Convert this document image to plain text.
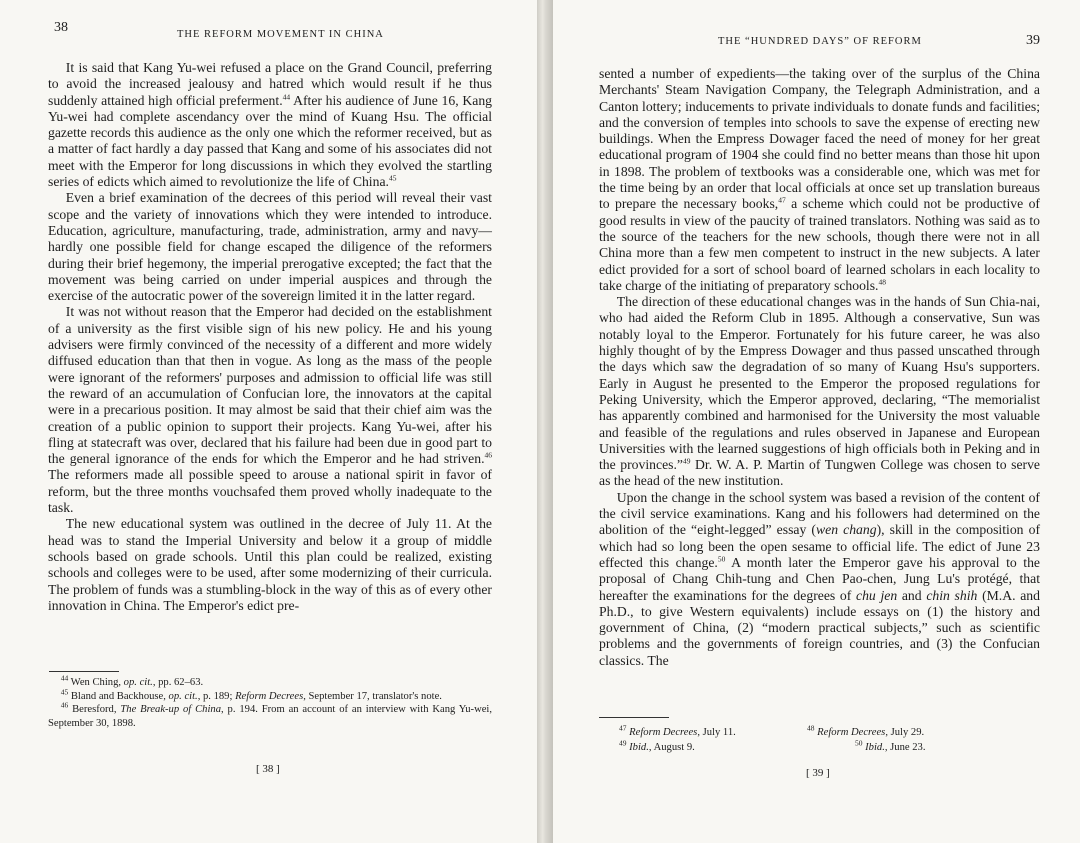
38	THE REFORM MOVEMENT IN CHINA

It is said that Kang Yu-wei refused a place on the Grand Council, preferring to avoid the increased jealousy and hatred which would result if he thus suddenly attained high official preferment.$^{44}$ After his audience of June 16, Kang Yu-wei had complete ascendancy over the mind of Kuang Hsu. The official gazette records this audience as the only one which the reformer received, but as a matter of fact hardly a day passed that Kang and some of his associates did not meet with the Emperor for long discussions in which they evolved the startling series of edicts which aimed to revolutionize the life of China.$^{45}$

Even a brief examination of the decrees of this period will reveal their vast scope and the variety of innovations which they were intended to introduce. Education, agriculture, manufacturing, trade, administration, army and navy—hardly one possible field for change escaped the diligence of the reformers during their brief hegemony, the imperial prerogative excepted; the fact that the movement was being carried on under imperial auspices and through the exercise of the autocratic power of the sovereign limited it in the latter regard.

It was not without reason that the Emperor had decided on the establishment of a university as the first visible sign of his new policy. He and his young advisers were firmly convinced of the necessity of a different and more widely diffused education than that then in vogue. As long as the mass of the people were ignorant of the reformers' purposes and admission to official life was still the reward of an accumulation of Confucian lore, the innovators at the capital were in a precarious position. It may almost be said that their chief aim was the creation of a public opinion to support their projects. Kang Yu-wei, after his fling at statecraft was over, declared that his failure had been due in good part to the general ignorance of the ends for which the Emperor and he had striven.$^{46}$ The reformers made all possible speed to arouse a national spirit in favor of reform, but the three months vouchsafed them proved wholly inadequate to the task.

The new educational system was outlined in the decree of July 11. At the head was to stand the Imperial University and below it a group of middle schools based on grade schools. Until this plan could be realized, existing schools and colleges were to be used, after some modernizing of their curricula. The problem of funds was a stumbling-block in the way of this as of every other innovation in China. The Emperor's edict pre-

$^{44}$ Wen Ching, op. cit., pp. 62–63.

$^{45}$ Bland and Backhouse, op. cit., p. 189; Reform Decrees, September 17, translator's note.

$^{46}$ Beresford, The Break-up of China, p. 194. From an account of an interview with Kang Yu-wei, September 30, 1898.

[ 38 ]
THE “HUNDRED DAYS” OF REFORM	39

sented a number of expedients—the taking over of the surplus of the China Merchants' Steam Navigation Company, the Telegraph Administration, and a Canton lottery; inducements to private individuals to donate funds and facilities; and the conversion of temples into schools to save the expense of erecting new buildings. When the Empress Dowager faced the need of money for her great educational program of 1904 she could find no better means than those hit upon in 1898. The problem of textbooks was a considerable one, which was met for the time being by an order that local officials at once set up translation bureaus to prepare the necessary books,$^{47}$ a scheme which could not be productive of good results in view of the paucity of trained translators. Nothing was said as to the source of the teachers for the new schools, though there were not in all China more than a few men competent to instruct in the new subjects. A later edict provided for a sort of school board of learned scholars in each locality to take charge of the initiating of preparatory schools.$^{48}$

The direction of these educational changes was in the hands of Sun Chia-nai, who had aided the Reform Club in 1895. Although a conservative, Sun was notably loyal to the Emperor. Fortunately for his future career, he was also highly thought of by the Empress Dowager and thus passed unscathed through the days which saw the degradation of so many of Kuang Hsu's supporters. Early in August he presented to the Emperor the proposed regulations for Peking University, which the Emperor approved, declaring, “The memorialist has apparently combined and harmonised for the University the most valuable and feasible of the regulations and rules observed in Japanese and European Universities with the learned suggestions of high officials both in Peking and in the provinces.”$^{49}$ Dr. W. A. P. Martin of Tungwen College was chosen to serve as the head of the new institution.

Upon the change in the school system was based a revision of the content of the civil service examinations. Kang and his followers had determined on the abolition of the “eight-legged” essay (wen chang), skill in the composition of which had so long been the open sesame to official life. The edict of June 23 effected this change.$^{50}$ A month later the Emperor gave his approval to the proposal of Chang Chih-tung and Chen Pao-chen, Jung Lu's protégé, that hereafter the examinations for the degrees of chu jen and chin shih (M.A. and Ph.D., to give Western equivalents) include essays on (1) the history and government of China, (2) “modern practical subjects,” such as scientific problems and the governments of foreign countries, and (3) the Confucian classics. The

$^{47}$ Reform Decrees, July 11.	$^{48}$ Reform Decrees, July 29.
$^{49}$ Ibid., August 9.	$^{50}$ Ibid., June 23.
[ 39 ]
